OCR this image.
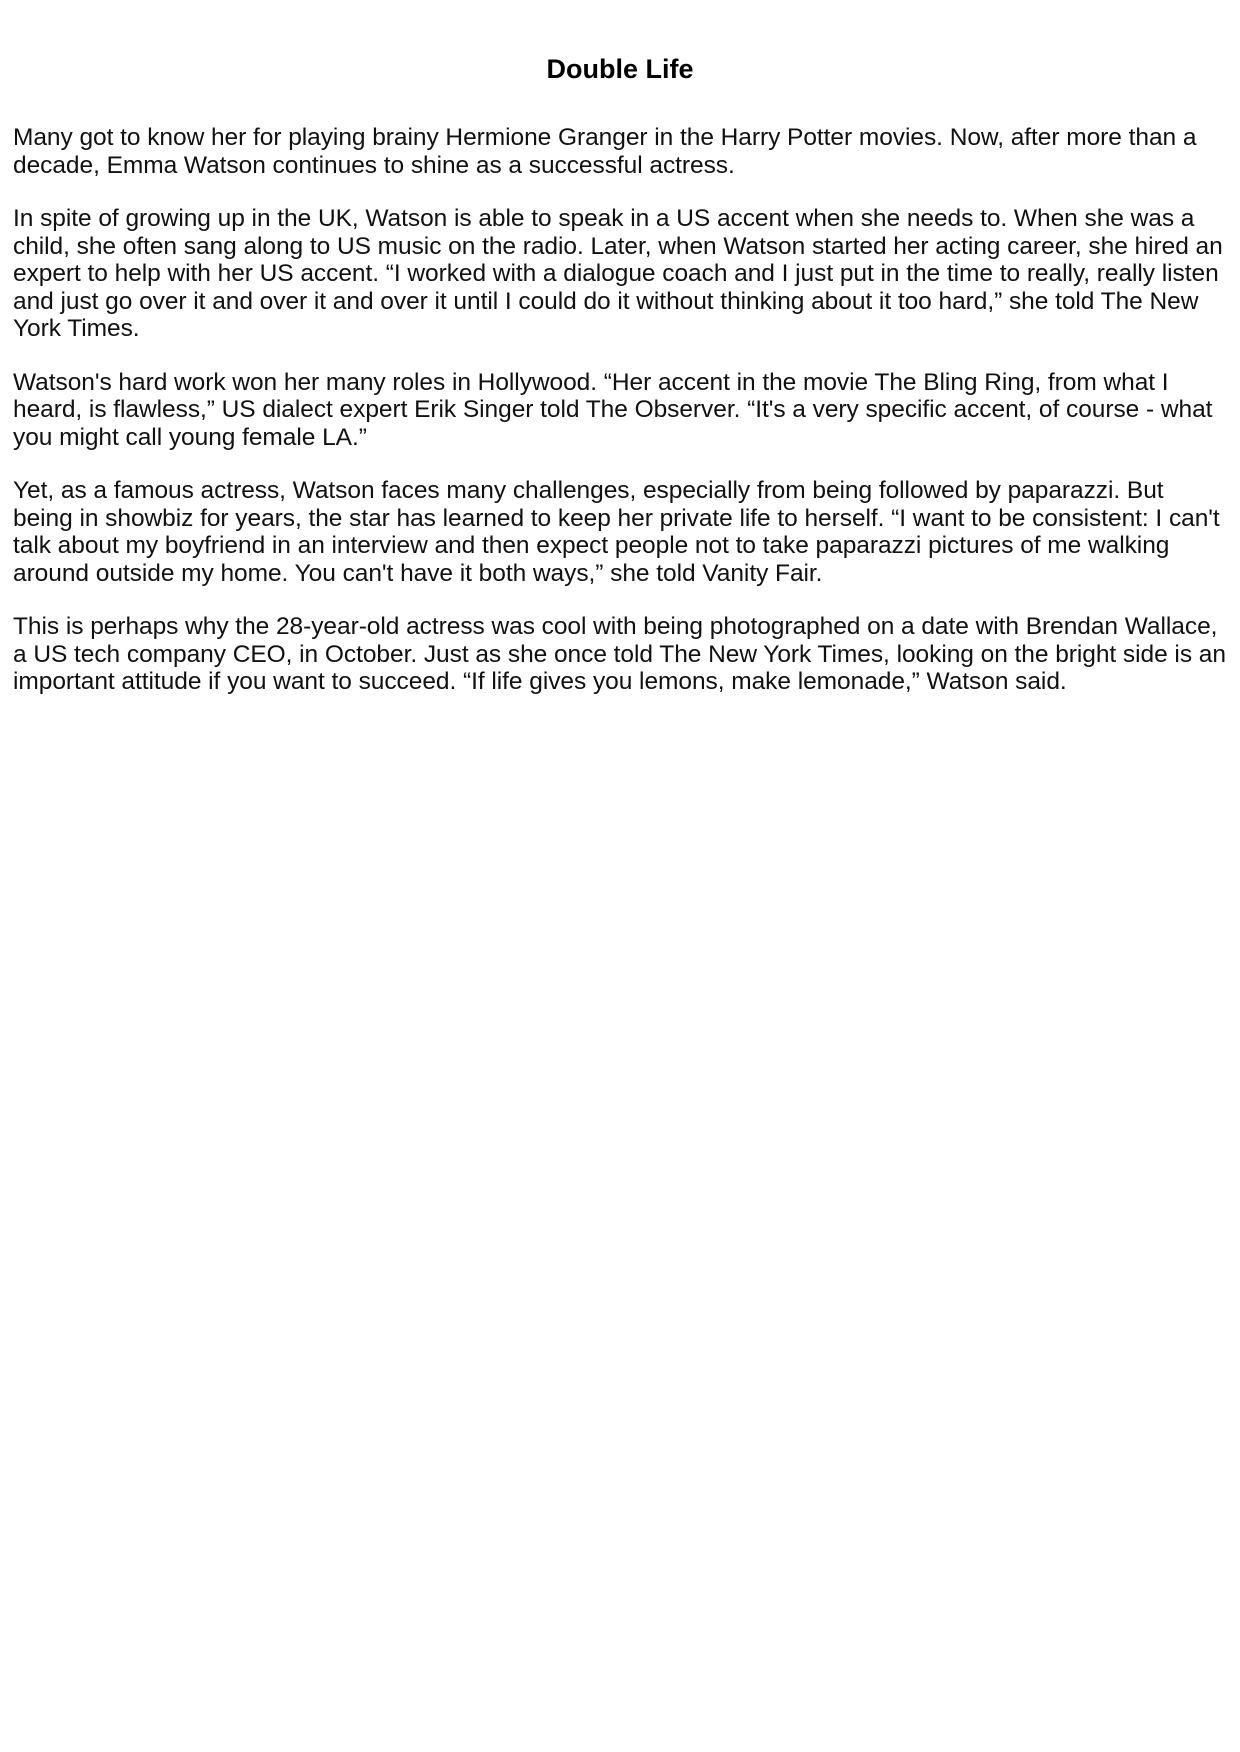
Double Life

Many got to know her for playing brainy Hermione Granger in the Harry Potter movies. Now, after more than a decade, Emma Watson continues to shine as a successful actress.

In spite of growing up in the UK, Watson is able to speak in a US accent when she needs to. When she was a child, she often sang along to US music on the radio. Later, when Watson started her acting career, she hired an expert to help with her US accent. “I worked with a dialogue coach and I just put in the time to really, really listen and just go over it and over it and over it until I could do it without thinking about it too hard,” she told The New York Times.

Watson's hard work won her many roles in Hollywood. “Her accent in the movie The Bling Ring, from what I heard, is flawless,” US dialect expert Erik Singer told The Observer. “It's a very specific accent, of course - what you might call young female LA.”

Yet, as a famous actress, Watson faces many challenges, especially from being followed by paparazzi. But being in showbiz for years, the star has learned to keep her private life to herself. “I want to be consistent: I can't talk about my boyfriend in an interview and then expect people not to take paparazzi pictures of me walking around outside my home. You can't have it both ways,” she told Vanity Fair.

This is perhaps why the 28-year-old actress was cool with being photographed on a date with Brendan Wallace, a US tech company CEO, in October. Just as she once told The New York Times, looking on the bright side is an important attitude if you want to succeed. “If life gives you lemons, make lemonade,” Watson said.
